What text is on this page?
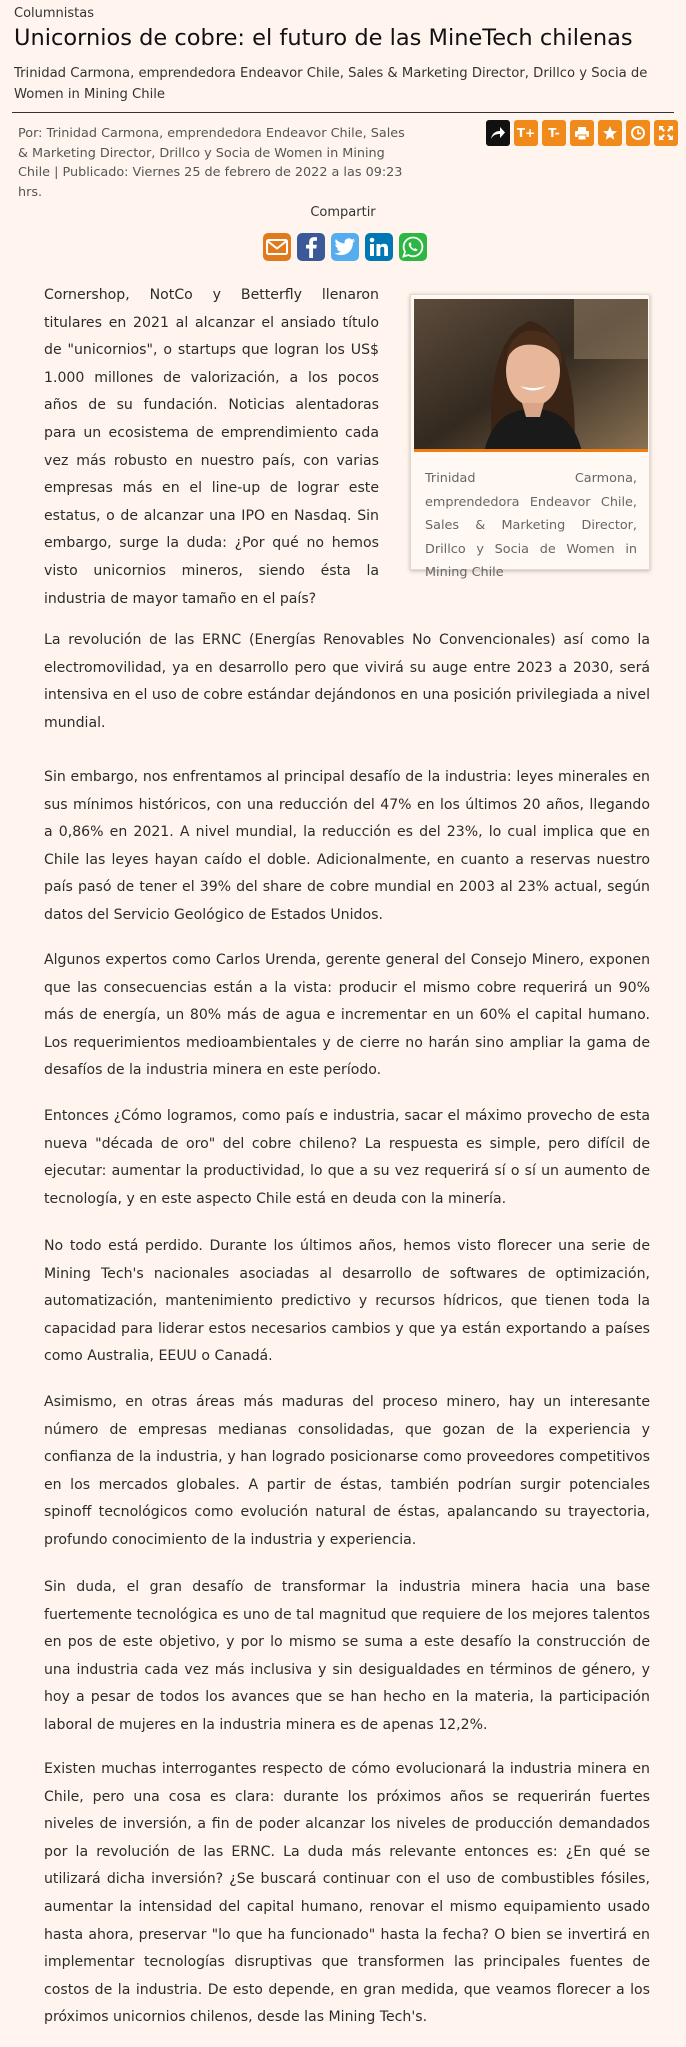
Columnistas
Unicornios de cobre: el futuro de las MineTech chilenas
Trinidad Carmona, emprendedora Endeavor Chile, Sales & Marketing Director, Drillco y Socia de Women in Mining Chile
Por: Trinidad Carmona, emprendedora Endeavor Chile, Sales & Marketing Director, Drillco y Socia de Women in Mining Chile | Publicado: Viernes 25 de febrero de 2022 a las 09:23 hrs.
T+	T-
Compartir
Trinidad Carmona, emprendedora Endeavor Chile, Sales & Marketing Director, Drillco y Socia de Women in Mining Chile

Cornershop, NotCo y Betterfly llenaron titulares en 2021 al alcanzar el ansiado título de "unicornios", o startups que logran los US$ 1.000 millones de valorización, a los pocos años de su fundación. Noticias alentadoras para un ecosistema de emprendimiento cada vez más robusto en nuestro país, con varias empresas más en el line-up de lograr este estatus, o de alcanzar una IPO en Nasdaq. Sin embargo, surge la duda: ¿Por qué no hemos visto unicornios mineros, siendo ésta la industria de mayor tamaño en el país?

La revolución de las ERNC (Energías Renovables No Convencionales) así como la electromovilidad, ya en desarrollo pero que vivirá su auge entre 2023 a 2030, será intensiva en el uso de cobre estándar dejándonos en una posición privilegiada a nivel mundial.

Sin embargo, nos enfrentamos al principal desafío de la industria: leyes minerales en sus mínimos históricos, con una reducción del 47% en los últimos 20 años, llegando a 0,86% en 2021. A nivel mundial, la reducción es del 23%, lo cual implica que en Chile las leyes hayan caído el doble. Adicionalmente, en cuanto a reservas nuestro país pasó de tener el 39% del share de cobre mundial en 2003 al 23% actual, según datos del Servicio Geológico de Estados Unidos.

Algunos expertos como Carlos Urenda, gerente general del Consejo Minero, exponen que las consecuencias están a la vista: producir el mismo cobre requerirá un 90% más de energía, un 80% más de agua e incrementar en un 60% el capital humano. Los requerimientos medioambientales y de cierre no harán sino ampliar la gama de desafíos de la industria minera en este período.

Entonces ¿Cómo logramos, como país e industria, sacar el máximo provecho de esta nueva "década de oro" del cobre chileno? La respuesta es simple, pero difícil de ejecutar: aumentar la productividad, lo que a su vez requerirá sí o sí un aumento de tecnología, y en este aspecto Chile está en deuda con la minería.

No todo está perdido. Durante los últimos años, hemos visto florecer una serie de Mining Tech's nacionales asociadas al desarrollo de softwares de optimización, automatización, mantenimiento predictivo y recursos hídricos, que tienen toda la capacidad para liderar estos necesarios cambios y que ya están exportando a países como Australia, EEUU o Canadá.

Asimismo, en otras áreas más maduras del proceso minero, hay un interesante número de empresas medianas consolidadas, que gozan de la experiencia y confianza de la industria, y han logrado posicionarse como proveedores competitivos en los mercados globales. A partir de éstas, también podrían surgir potenciales spinoff tecnológicos como evolución natural de éstas, apalancando su trayectoria, profundo conocimiento de la industria y experiencia.

Sin duda, el gran desafío de transformar la industria minera hacia una base fuertemente tecnológica es uno de tal magnitud que requiere de los mejores talentos en pos de este objetivo, y por lo mismo se suma a este desafío la construcción de una industria cada vez más inclusiva y sin desigualdades en términos de género, y hoy a pesar de todos los avances que se han hecho en la materia, la participación laboral de mujeres en la industria minera es de apenas 12,2%.

Existen muchas interrogantes respecto de cómo evolucionará la industria minera en Chile, pero una cosa es clara: durante los próximos años se requerirán fuertes niveles de inversión, a fin de poder alcanzar los niveles de producción demandados por la revolución de las ERNC. La duda más relevante entonces es: ¿En qué se utilizará dicha inversión? ¿Se buscará continuar con el uso de combustibles fósiles, aumentar la intensidad del capital humano, renovar el mismo equipamiento usado hasta ahora, preservar "lo que ha funcionado" hasta la fecha? O bien se invertirá en implementar tecnologías disruptivas que transformen las principales fuentes de costos de la industria. De esto depende, en gran medida, que veamos florecer a los próximos unicornios chilenos, desde las Mining Tech's.
